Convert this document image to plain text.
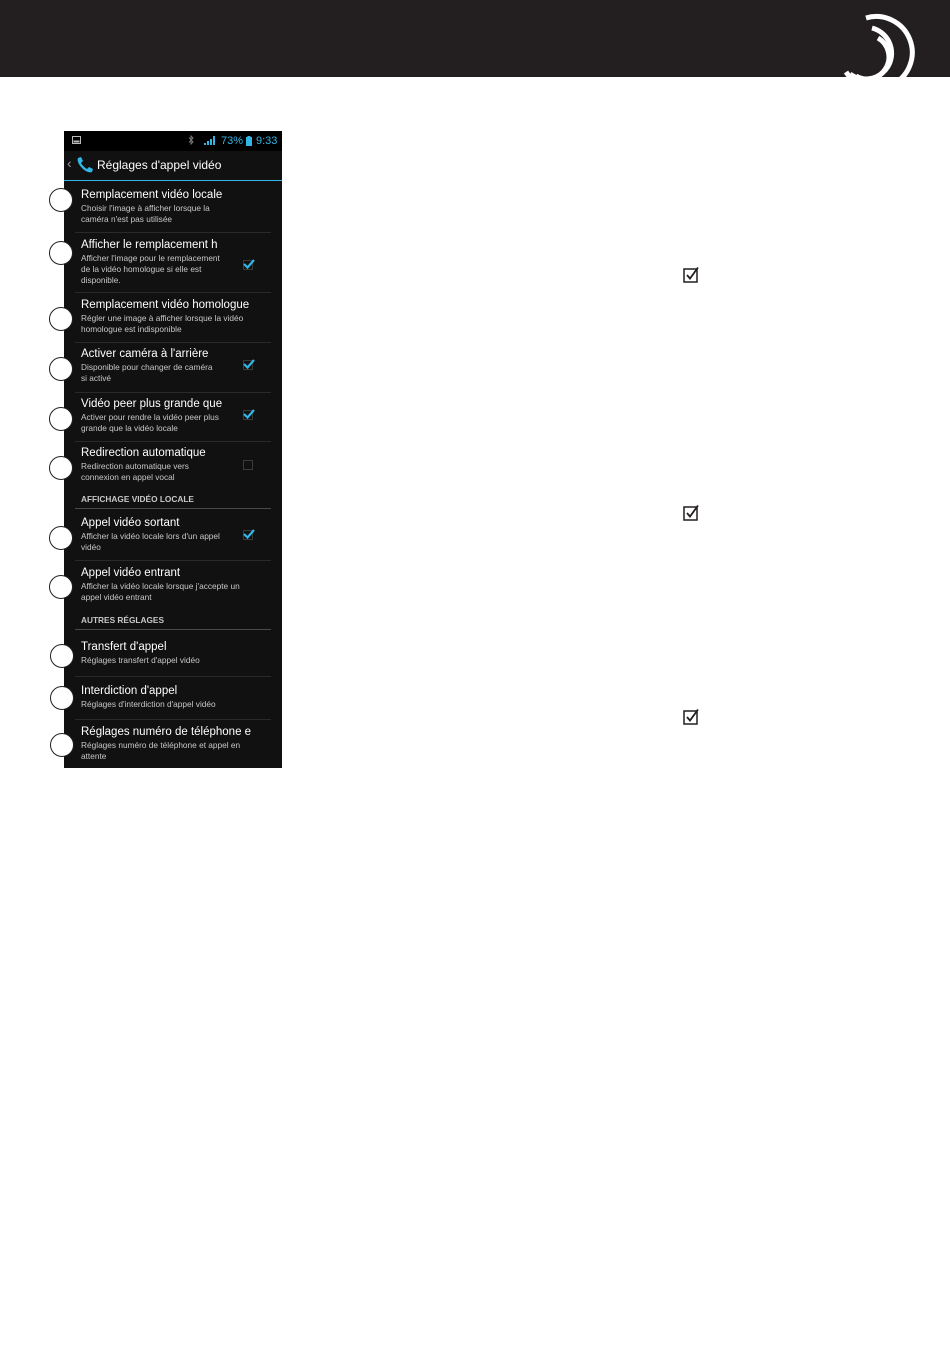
73% 9:33
‹ Réglages d'appel vidéo
Remplacement vidéo locale
Choisir l'image à afficher lorsque la caméra n'est pas utilisée
Afficher le remplacement h
Afficher l'image pour le remplacement de la vidéo homologue si elle est disponible.
Remplacement vidéo homologue
Régler une image à afficher lorsque la vidéo homologue est indisponible
Activer caméra à l'arrière
Disponible pour changer de caméra si activé
Vidéo peer plus grande que
Activer pour rendre la vidéo peer plus grande que la vidéo locale
Redirection automatique
Redirection automatique vers connexion en appel vocal
AFFICHAGE VIDÉO LOCALE
Appel vidéo sortant
Afficher la vidéo locale lors d'un appel vidéo
Appel vidéo entrant
Afficher la vidéo locale lorsque j'accepte un appel vidéo entrant
AUTRES RÉGLAGES
Transfert d'appel
Réglages transfert d'appel vidéo
Interdiction d'appel
Réglages d'interdiction d'appel vidéo
Réglages numéro de téléphone e
Réglages numéro de téléphone et appel en attente
